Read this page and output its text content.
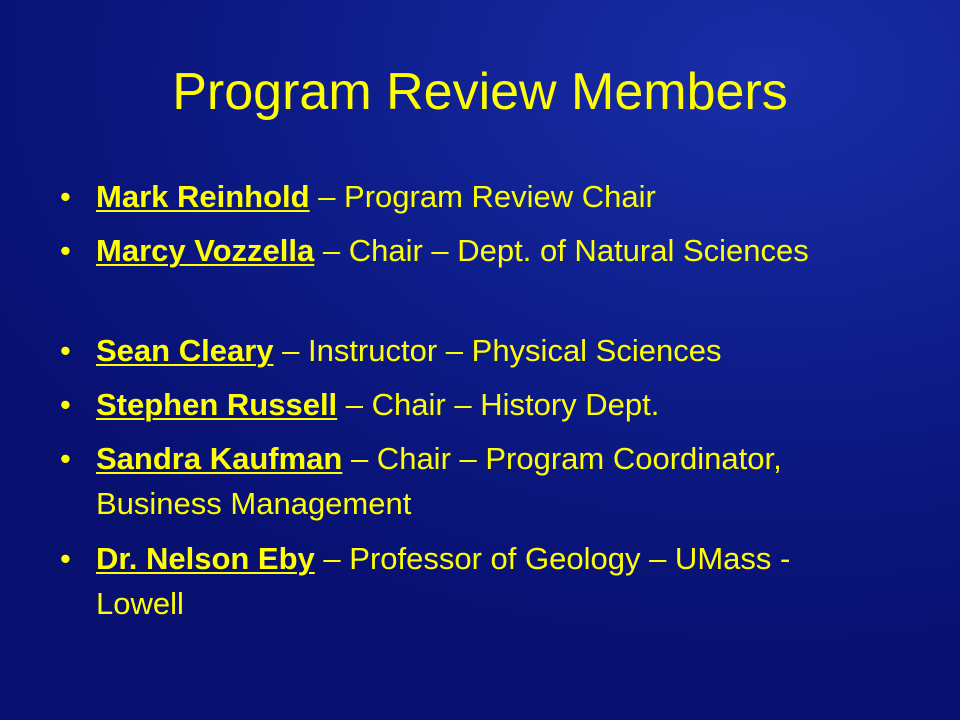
Program Review Members
• Mark Reinhold – Program Review Chair
• Marcy Vozzella – Chair – Dept. of Natural Sciences
• Sean Cleary – Instructor – Physical Sciences
• Stephen Russell – Chair – History Dept.
• Sandra Kaufman – Chair – Program Coordinator, Business Management
• Dr. Nelson Eby – Professor of Geology – UMass - Lowell
